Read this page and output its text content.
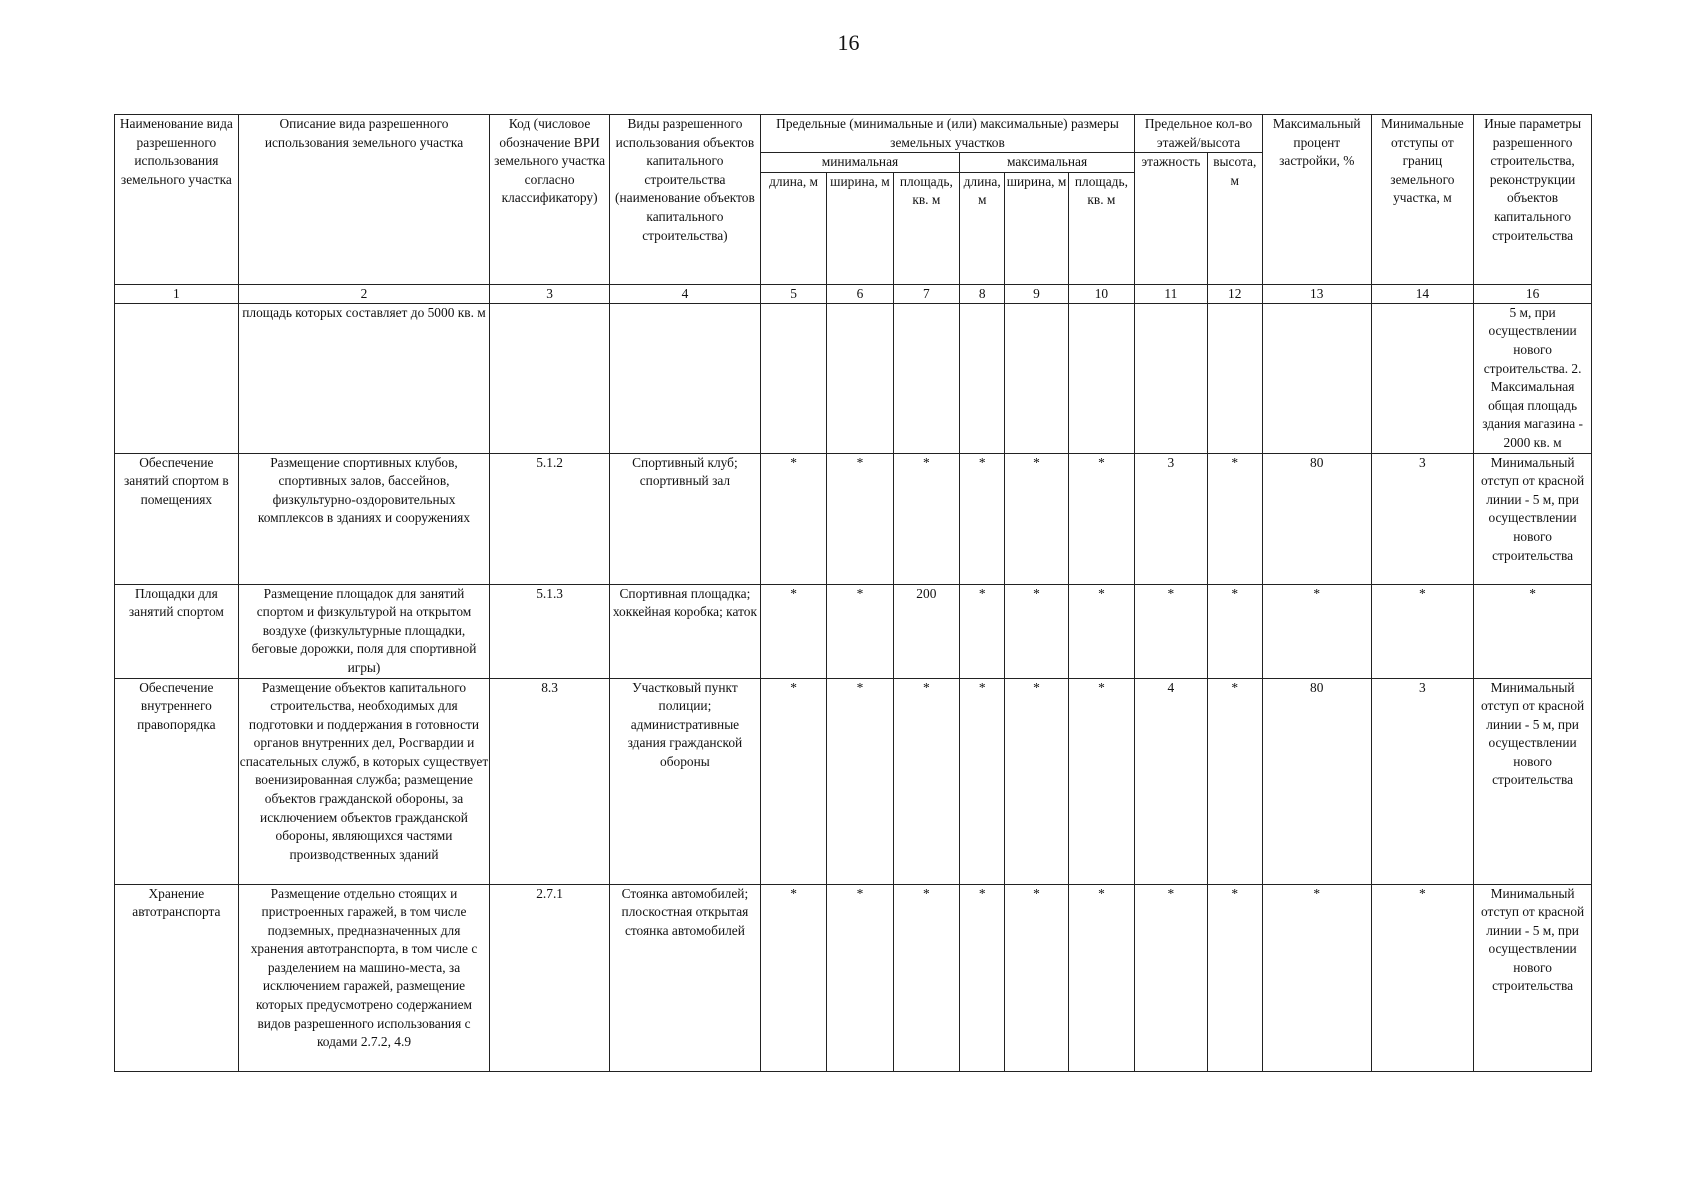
16
Наименование вида разрешенного использования земельного участка	Описание вида разрешенного использования земельного участка	Код (числовое обозначение ВРИ земельного участка согласно классификатору)	Виды разрешенного использования объектов капитального строительства (наименование объектов капитального строительства)	Предельные (минимальные и (или) максимальные) размеры земельных участков						Предельное кол-во этажей/высота		Максимальный процент застройки, %	Минимальные отступы от границ земельного участка, м	Иные параметры разрешенного строительства, реконструкции объектов капитального строительства
				минимальная			максимальная			этажность	высота, м			
				длина, м	ширина, м	площадь, кв. м	длина, м	ширина, м	площадь, кв. м					
1	2	3	4	5	6	7	8	9	10	11	12	13	14	16
	площадь которых составляет до 5000 кв. м													5 м, при осуществлении нового строительства. 2. Максимальная общая площадь здания магазина - 2000 кв. м
Обеспечение занятий спортом в помещениях	Размещение спортивных клубов, спортивных залов, бассейнов, физкультурно-оздоровительных комплексов в зданиях и сооружениях	5.1.2	Спортивный клуб; спортивный зал	*	*	*	*	*	*	3	*	80	3	Минимальный отступ от красной линии - 5 м, при осуществлении нового строительства
Площадки для занятий спортом	Размещение площадок для занятий спортом и физкультурой на открытом воздухе (физкультурные площадки, беговые дорожки, поля для спортивной игры)	5.1.3	Спортивная площадка; хоккейная коробка; каток	*	*	200	*	*	*	*	*	*	*	*
Обеспечение внутреннего правопорядка	Размещение объектов капитального строительства, необходимых для подготовки и поддержания в готовности органов внутренних дел, Росгвардии и спасательных служб, в которых существует военизированная служба; размещение объектов гражданской обороны, за исключением объектов гражданской обороны, являющихся частями производственных зданий	8.3	Участковый пункт полиции; административные здания гражданской обороны	*	*	*	*	*	*	4	*	80	3	Минимальный отступ от красной линии - 5 м, при осуществлении нового строительства
Хранение автотранспорта	Размещение отдельно стоящих и пристроенных гаражей, в том числе подземных, предназначенных для хранения автотранспорта, в том числе с разделением на машино-места, за исключением гаражей, размещение которых предусмотрено содержанием видов разрешенного использования с кодами 2.7.2, 4.9	2.7.1	Стоянка автомобилей; плоскостная открытая стоянка автомобилей	*	*	*	*	*	*	*	*	*	*	Минимальный отступ от красной линии - 5 м, при осуществлении нового строительства
